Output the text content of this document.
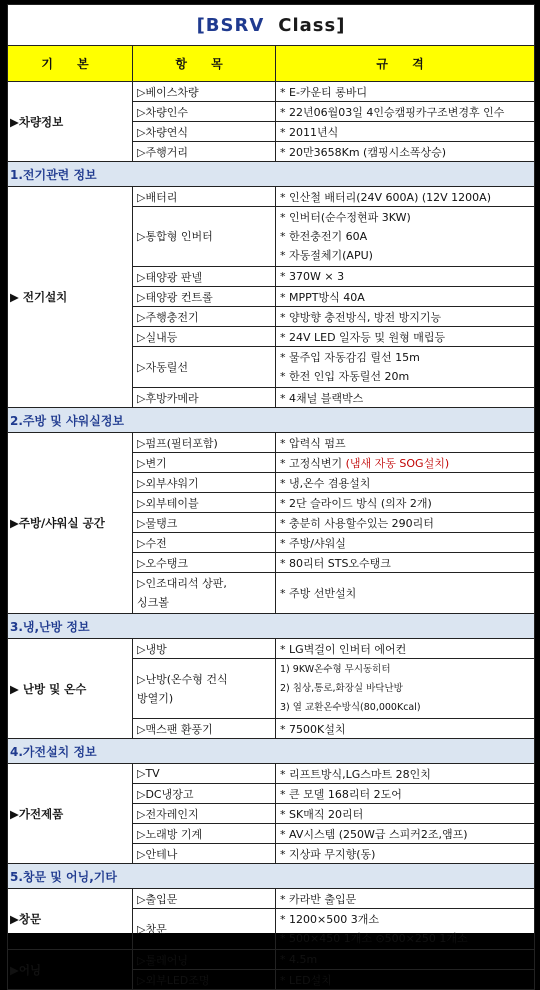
[BSRV Class]		
기 본	항 목	규 격
▶차량정보	▷베이스차량	* E-카운티 롱바디
	▷차량인수	* 22년06월03일 4인승캠핑카구조변경후 인수
	▷차량연식	* 2011년식
	▷주행거리	* 20만3658Km (캠핑시소폭상승)
1.전기관련 정보		
▶ 전기설치	▷배터리	* 인산철 배터리(24V 600A) (12V 1200A)
	▷통합형 인버터	* 인버터(순수정현파 3KW)
* 한전충전기 60A
* 자동절체기(APU)

	▷태양광 판넬	* 370W × 3
	▷태양광 컨트롤	* MPPT방식 40A
	▷주행충전기	* 양방향 충전방식, 방전 방지기능
	▷실내등	* 24V LED 일자등 및 원형 매립등
	▷자동릴선	* 물주입 자동감김 릴선 15m
* 한전 인입 자동릴선 20m

	▷후방카메라	* 4채널 블랙박스
2.주방 및 샤워실정보		
▶주방/샤워실 공간	▷펌프(필터포함)	* 압력식 펌프
	▷변기	* 고정식변기 (냄새 자동 SOG설치)
	▷외부샤워기	* 냉,온수 겸용설치
	▷외부테이블	* 2단 슬라이드 방식 (의자 2개)
	▷물탱크	* 충분히 사용할수있는 290리터
	▷수전	* 주방/샤워실
	▷오수탱크	* 80리터 STS오수탱크

	▷인조대리석 상판,
싱크볼	* 주방 선반설치
3.냉,난방 정보		
▶ 난방 및 온수	▷냉방	* LG벽걸이 인버터 에어컨

	▷난방(온수형 건식
방열기)	1) 9KW온수형 무시동히터
2) 침상,통로,화장실 바닥난방
3) 열 교환온수방식(80,000Kcal)

	▷맥스팬 환풍기	* 7500K설치
4.가전설치 정보		
▶가전제품	▷TV	* 리프트방식,LG스마트 28인치
	▷DC냉장고	* 큰 모델 168리터 2도어
	▷전자레인지	* SK매직 20리터
	▷노래방 기계	* AV시스템 (250W급 스피커2조,앰프)
	▷안테나	* 지상파 무지향(동)
5.창문 및 어닝,기타		
▶창문	▷출입문	* 카라반 출입문
	▷창문	* 1200×500 3개소
* 500×450 1개소 ⊙500×250 1개소

▶어닝	▷툴레어닝	* 4.5m
	▷외부LED조명	* LED설치
